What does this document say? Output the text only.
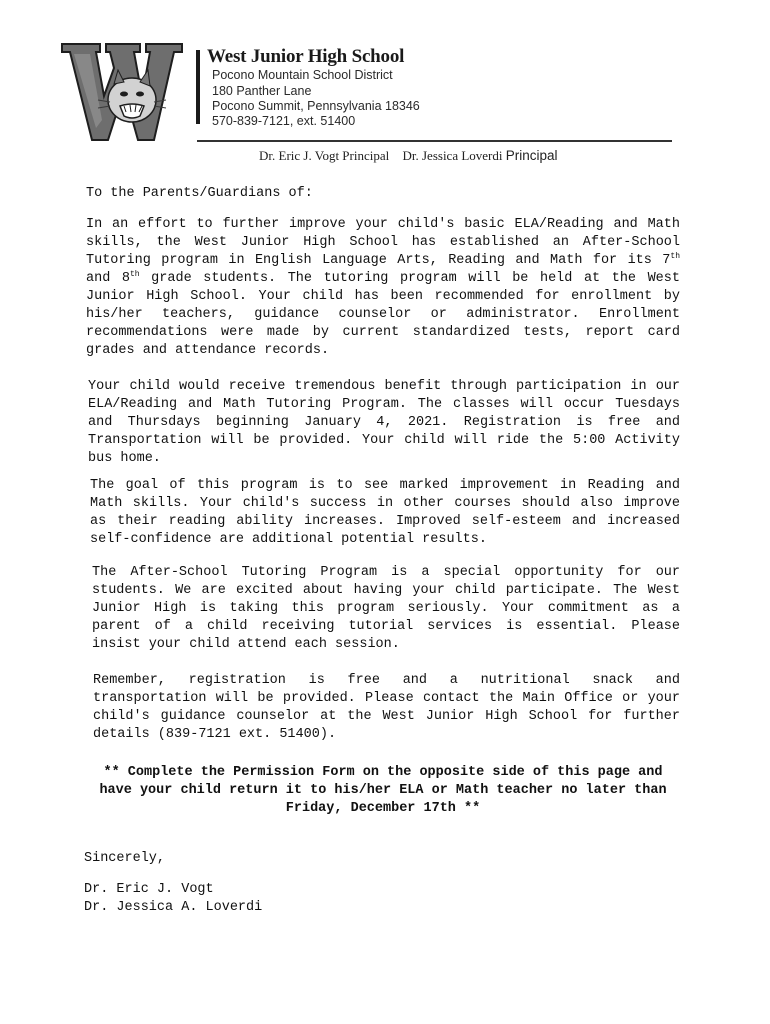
West Junior High School
Pocono Mountain School District
180 Panther Lane
Pocono Summit, Pennsylvania 18346
570-839-7121, ext. 51400
Dr. Eric J. Vogt Principal Dr. Jessica Loverdi Principal
To the Parents/Guardians of:
In an effort to further improve your child's basic ELA/Reading and Math skills, the West Junior High School has established an After-School Tutoring program in English Language Arts, Reading and Math for its 7th and 8th grade students. The tutoring program will be held at the West Junior High School. Your child has been recommended for enrollment by his/her teachers, guidance counselor or administrator. Enrollment recommendations were made by current standardized tests, report card grades and attendance records.
Your child would receive tremendous benefit through participation in our ELA/Reading and Math Tutoring Program. The classes will occur Tuesdays and Thursdays beginning January 4, 2021. Registration is free and Transportation will be provided. Your child will ride the 5:00 Activity bus home.
The goal of this program is to see marked improvement in Reading and Math skills. Your child's success in other courses should also improve as their reading ability increases. Improved self-esteem and increased self-confidence are additional potential results.
The After-School Tutoring Program is a special opportunity for our students. We are excited about having your child participate. The West Junior High is taking this program seriously. Your commitment as a parent of a child receiving tutorial services is essential. Please insist your child attend each session.
Remember, registration is free and a nutritional snack and transportation will be provided. Please contact the Main Office or your child's guidance counselor at the West Junior High School for further details (839-7121 ext. 51400).
** Complete the Permission Form on the opposite side of this page and have your child return it to his/her ELA or Math teacher no later than Friday, December 17th **
Sincerely,
Dr. Eric J. Vogt
Dr. Jessica A. Loverdi
